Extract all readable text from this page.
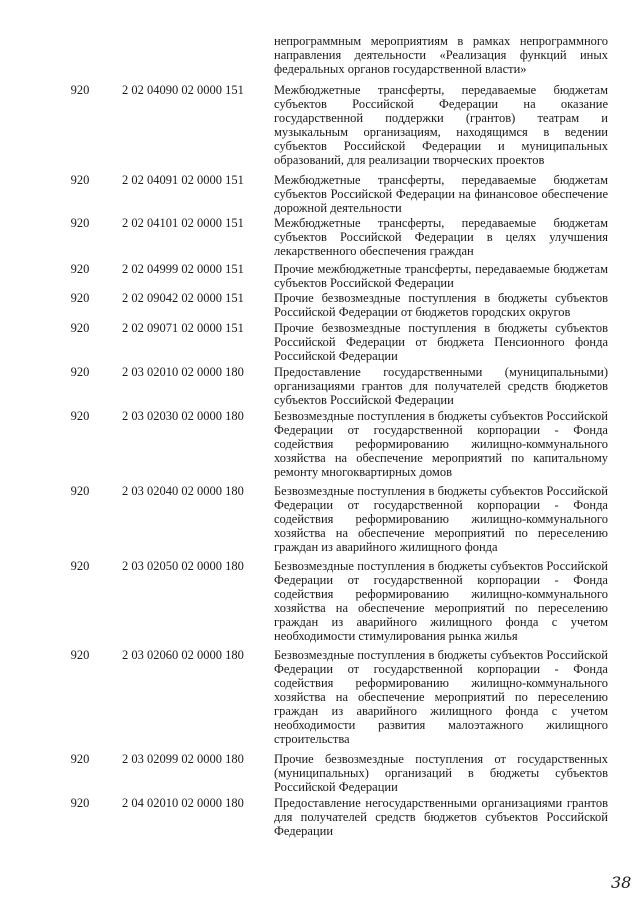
непрограммным мероприятиям в рамках непрограммного направления деятельности «Реализация функций иных федеральных органов государственной власти»
920	2 02 04090 02 0000 151	Межбюджетные трансферты, передаваемые бюджетам субъектов Российской Федерации на оказание государственной поддержки (грантов) театрам и музыкальным организациям, находящимся в ведении субъектов Российской Федерации и муниципальных образований, для реализации творческих проектов
920	2 02 04091 02 0000 151	Межбюджетные трансферты, передаваемые бюджетам субъектов Российской Федерации на финансовое обеспечение дорожной деятельности
920	2 02 04101 02 0000 151	Межбюджетные трансферты, передаваемые бюджетам субъектов Российской Федерации в целях улучшения лекарственного обеспечения граждан
920	2 02 04999 02 0000 151	Прочие межбюджетные трансферты, передаваемые бюджетам субъектов Российской Федерации
920	2 02 09042 02 0000 151	Прочие безвозмездные поступления в бюджеты субъектов Российской Федерации от бюджетов городских округов
920	2 02 09071 02 0000 151	Прочие безвозмездные поступления в бюджеты субъектов Российской Федерации от бюджета Пенсионного фонда Российской Федерации
920	2 03 02010 02 0000 180	Предоставление государственными (муниципальными) организациями грантов для получателей средств бюджетов субъектов Российской Федерации
920	2 03 02030 02 0000 180	Безвозмездные поступления в бюджеты субъектов Российской Федерации от государственной корпорации - Фонда содействия реформированию жилищно-коммунального хозяйства на обеспечение мероприятий по капитальному ремонту многоквартирных домов
920	2 03 02040 02 0000 180	Безвозмездные поступления в бюджеты субъектов Российской Федерации от государственной корпорации - Фонда содействия реформированию жилищно-коммунального хозяйства на обеспечение мероприятий по переселению граждан из аварийного жилищного фонда
920	2 03 02050 02 0000 180	Безвозмездные поступления в бюджеты субъектов Российской Федерации от государственной корпорации - Фонда содействия реформированию жилищно-коммунального хозяйства на обеспечение мероприятий по переселению граждан из аварийного жилищного фонда с учетом необходимости стимулирования рынка жилья
920	2 03 02060 02 0000 180	Безвозмездные поступления в бюджеты субъектов Российской Федерации от государственной корпорации - Фонда содействия реформированию жилищно-коммунального хозяйства на обеспечение мероприятий по переселению граждан из аварийного жилищного фонда с учетом необходимости развития малоэтажного жилищного строительства
920	2 03 02099 02 0000 180	Прочие безвозмездные поступления от государственных (муниципальных) организаций в бюджеты субъектов Российской Федерации
920	2 04 02010 02 0000 180	Предоставление негосударственными организациями грантов для получателей средств бюджетов субъектов Российской Федерации
38
